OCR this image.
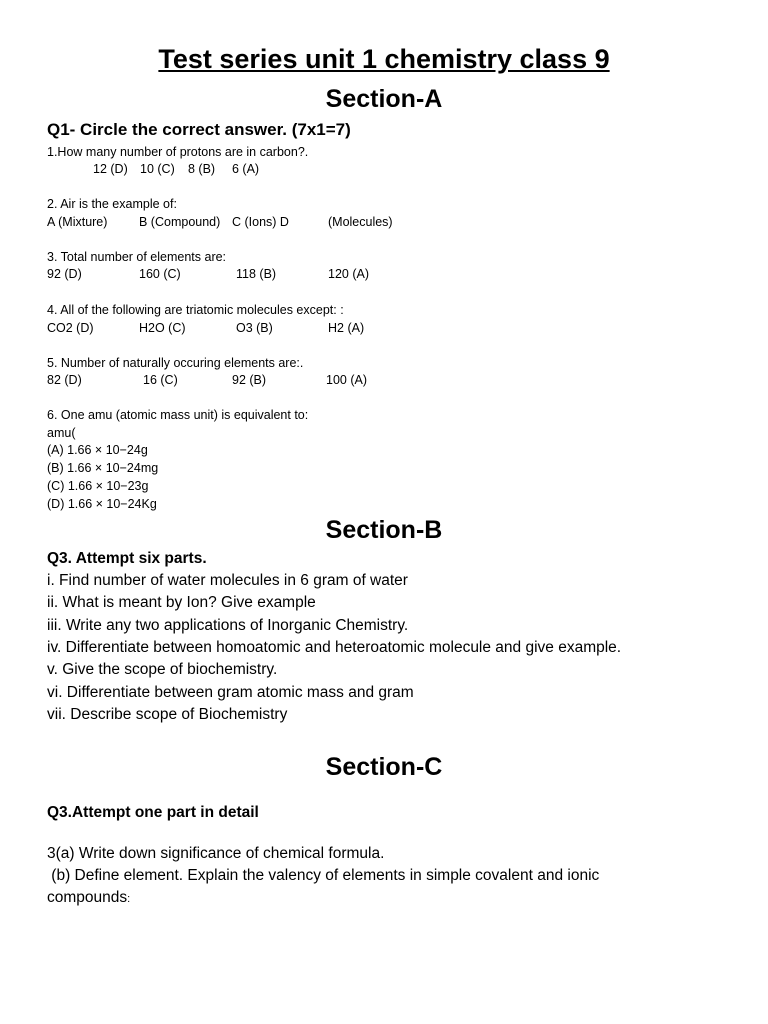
Test series unit 1 chemistry class 9
Section-A
Q1- Circle the correct answer. (7x1=7)
1.How many number of protons are in carbon?.
12 (D) 10 (C) 8 (B) 6 (A)
2. Air is the example of:
A (Mixture)	B (Compound) C (Ions) D	(Molecules)
3. Total number of elements are:
92 (D)	160 (C)	118 (B)	120 (A)
4. All of the following are triatomic molecules except: :
CO2 (D)	H2O (C)	O3 (B)	H2 (A)
5. Number of naturally occuring elements are:.
82 (D)	16 (C)	92 (B)	100 (A)
6. One amu (atomic mass unit) is equivalent to:
amu(
(A) 1.66 × 10−24g
(B) 1.66 × 10−24mg
(C) 1.66 × 10−23g
(D) 1.66 × 10−24Kg
Section-B
Q3. Attempt six parts.
i. Find number of water molecules in 6 gram of water
ii. What is meant by Ion? Give example
iii. Write any two applications of Inorganic Chemistry.
iv. Differentiate between homoatomic and heteroatomic molecule and give example.
v. Give the scope of biochemistry.
vi. Differentiate between gram atomic mass and gram
vii. Describe scope of Biochemistry
Section-C
Q3.Attempt one part in detail
3(a) Write down significance of chemical formula.
(b) Define element. Explain the valency of elements in simple covalent and ionic
compounds:
